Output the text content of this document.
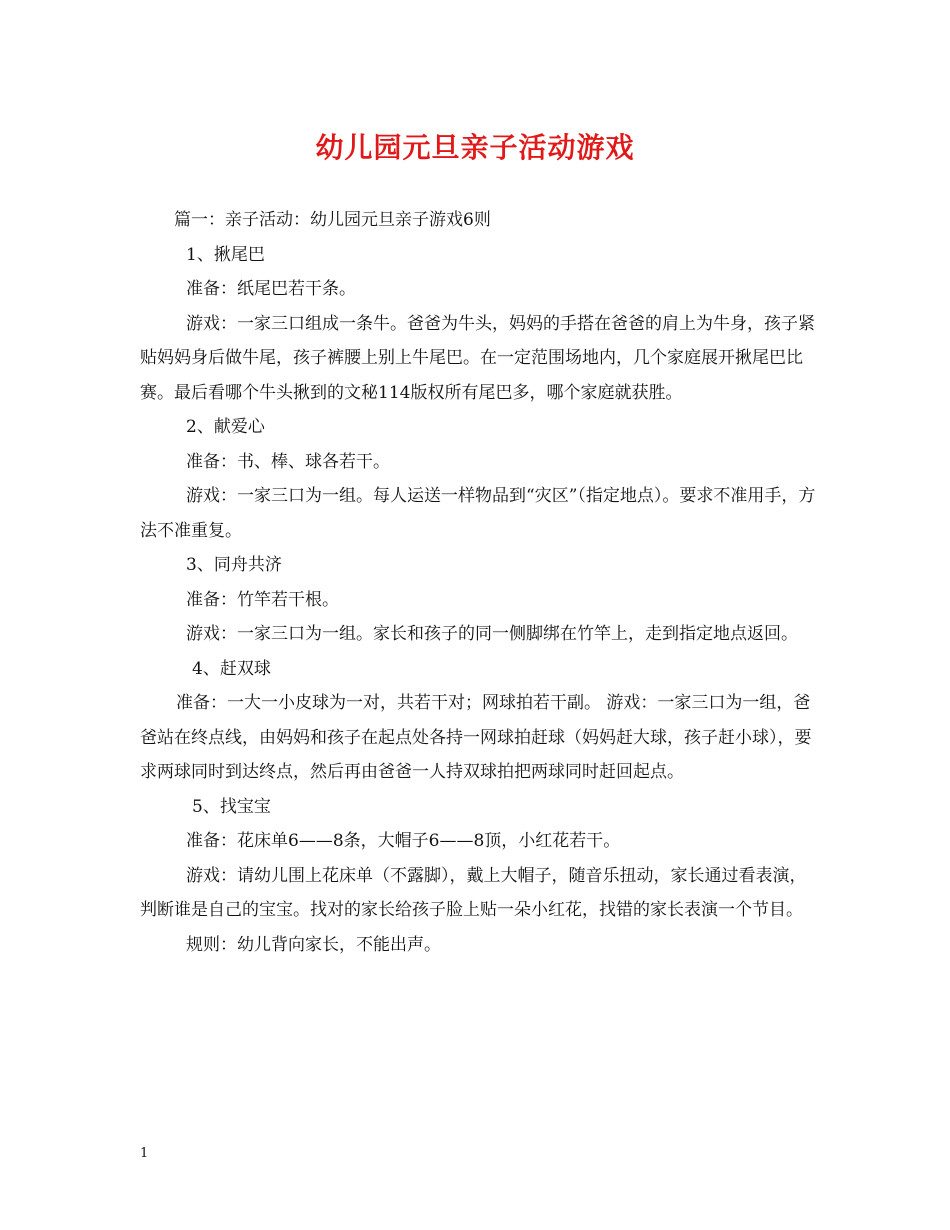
幼儿园元旦亲子活动游戏

篇一：亲子活动：幼儿园元旦亲子游戏6则

1、揪尾巴

准备：纸尾巴若干条。

游戏：一家三口组成一条牛。爸爸为牛头，妈妈的手搭在爸爸的肩上为牛身，孩子紧贴妈妈身后做牛尾，孩子裤腰上别上牛尾巴。在一定范围场地内，几个家庭展开揪尾巴比赛。最后看哪个牛头揪到的文秘114版权所有尾巴多，哪个家庭就获胜。

2、献爱心

准备：书、棒、球各若干。

游戏：一家三口为一组。每人运送一样物品到“灾区”（指定地点）。要求不准用手，方法不准重复。

3、同舟共济

准备：竹竿若干根。

游戏：一家三口为一组。家长和孩子的同一侧脚绑在竹竿上，走到指定地点返回。

4、赶双球

准备：一大一小皮球为一对，共若干对；网球拍若干副。 游戏：一家三口为一组，爸爸站在终点线，由妈妈和孩子在起点处各持一网球拍赶球（妈妈赶大球，孩子赶小球），要求两球同时到达终点，然后再由爸爸一人持双球拍把两球同时赶回起点。

5、找宝宝

准备：花床单6——8条，大帽子6——8顶，小红花若干。

游戏：请幼儿围上花床单（不露脚），戴上大帽子，随音乐扭动，家长通过看表演，判断谁是自己的宝宝。找对的家长给孩子脸上贴一朵小红花，找错的家长表演一个节目。

规则：幼儿背向家长，不能出声。

1
